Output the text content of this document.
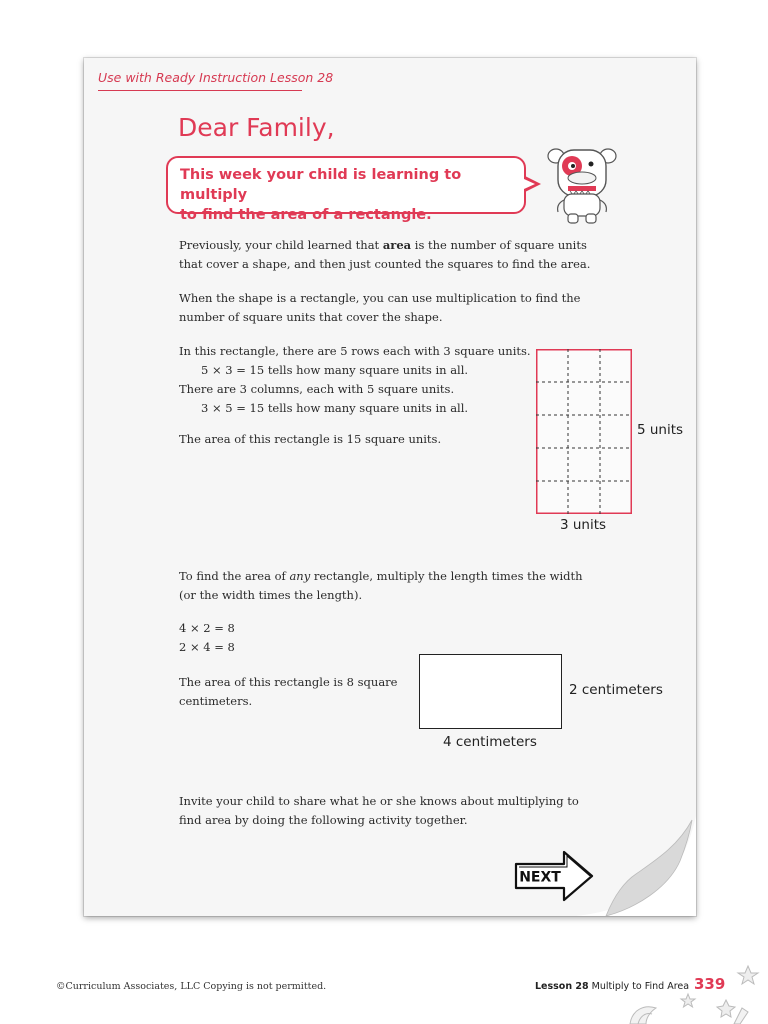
Use with Ready Instruction Lesson 28
Dear Family,
This week your child is learning to multiply
to find the area of a rectangle.
Previously, your child learned that area is the number of square units
that cover a shape, and then just counted the squares to find the area.
When the shape is a rectangle, you can use multiplication to find the
number of square units that cover the shape.
In this rectangle, there are 5 rows each with 3 square units.
5 × 3 = 15 tells how many square units in all.
There are 3 columns, each with 5 square units.
3 × 5 = 15 tells how many square units in all.
The area of this rectangle is 15 square units.
5 units
3 units
To find the area of any rectangle, multiply the length times the width
(or the width times the length).
4 × 2 = 8
2 × 4 = 8
The area of this rectangle is 8 square
centimeters.
2 centimeters
4 centimeters
Invite your child to share what he or she knows about multiplying to
find area by doing the following activity together.
NEXT
©Curriculum Associates, LLC Copying is not permitted.	Lesson 28 Multiply to Find Area 339
